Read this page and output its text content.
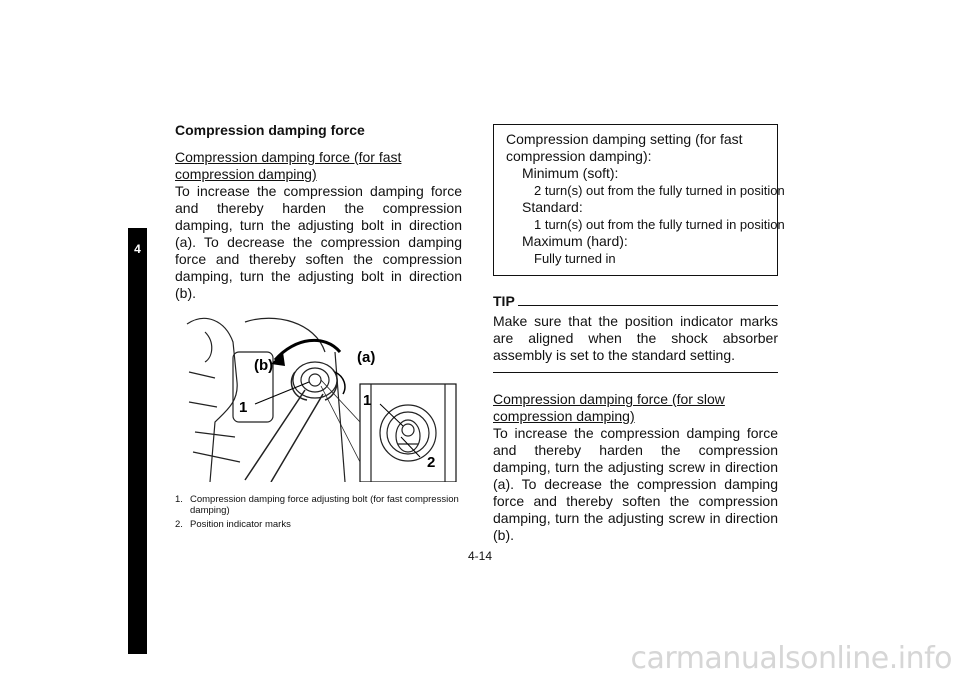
4
Compression damping force

Compression damping force (for fast compression damping)

To increase the compression damping force and thereby harden the compression damping, turn the adjusting bolt in direction (a). To decrease the compression damping force and thereby soften the compression damping, turn the adjusting bolt in direction (b).

(b)	(a)
1	1
2
1. Compression damping force adjusting bolt (for fast compression damping)
2. Position indicator marks
Compression damping setting (for fast compression damping):
Minimum (soft):
2 turn(s) out from the fully turned in position
Standard:
1 turn(s) out from the fully turned in position
Maximum (hard):
Fully turned in
TIP

Make sure that the position indicator marks are aligned when the shock absorber assembly is set to the standard setting.

Compression damping force (for slow compression damping)

To increase the compression damping force and thereby harden the compression damping, turn the adjusting screw in direction (a). To decrease the compression damping force and thereby soften the compression damping, turn the adjusting screw in direction (b).

4-14
carmanualsonline.info
